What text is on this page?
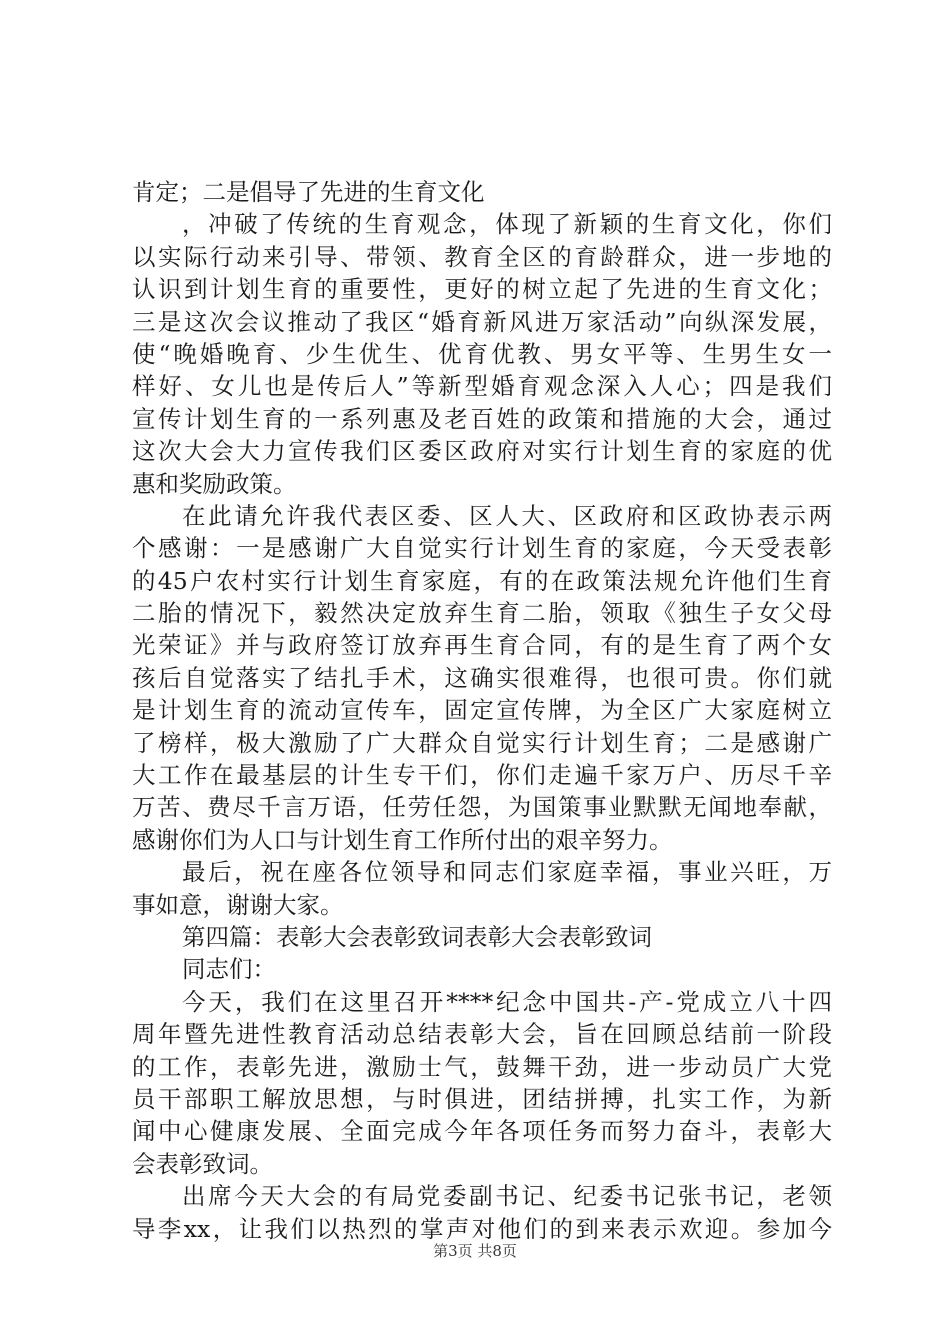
肯定；二是倡导了先进的生育文化
，冲破了传统的生育观念，体现了新颖的生育文化，你们
以实际行动来引导、带领、教育全区的育龄群众，进一步地的
认识到计划生育的重要性，更好的树立起了先进的生育文化；
三是这次会议推动了我区“婚育新风进万家活动”向纵深发展，
使“晚婚晚育、少生优生、优育优教、男女平等、生男生女一
样好、女儿也是传后人”等新型婚育观念深入人心；四是我们
宣传计划生育的一系列惠及老百姓的政策和措施的大会，通过
这次大会大力宣传我们区委区政府对实行计划生育的家庭的优
惠和奖励政策。
在此请允许我代表区委、区人大、区政府和区政协表示两
个感谢：一是感谢广大自觉实行计划生育的家庭，今天受表彰
的45户农村实行计划生育家庭，有的在政策法规允许他们生育
二胎的情况下，毅然决定放弃生育二胎，领取《独生子女父母
光荣证》并与政府签订放弃再生育合同，有的是生育了两个女
孩后自觉落实了结扎手术，这确实很难得，也很可贵。你们就
是计划生育的流动宣传车，固定宣传牌，为全区广大家庭树立
了榜样，极大激励了广大群众自觉实行计划生育；二是感谢广
大工作在最基层的计生专干们，你们走遍千家万户、历尽千辛
万苦、费尽千言万语，任劳任怨，为国策事业默默无闻地奉献，
感谢你们为人口与计划生育工作所付出的艰辛努力。
最后，祝在座各位领导和同志们家庭幸福，事业兴旺，万
事如意，谢谢大家。
第四篇：表彰大会表彰致词表彰大会表彰致词
同志们：
今天，我们在这里召开****纪念中国共-产-党成立八十四
周年暨先进性教育活动总结表彰大会，旨在回顾总结前一阶段
的工作，表彰先进，激励士气，鼓舞干劲，进一步动员广大党
员干部职工解放思想，与时俱进，团结拼搏，扎实工作，为新
闻中心健康发展、全面完成今年各项任务而努力奋斗，表彰大
会表彰致词。
出席今天大会的有局党委副书记、纪委书记张书记，老领
导李xx，让我们以热烈的掌声对他们的到来表示欢迎。参加今
第3页 共8页
